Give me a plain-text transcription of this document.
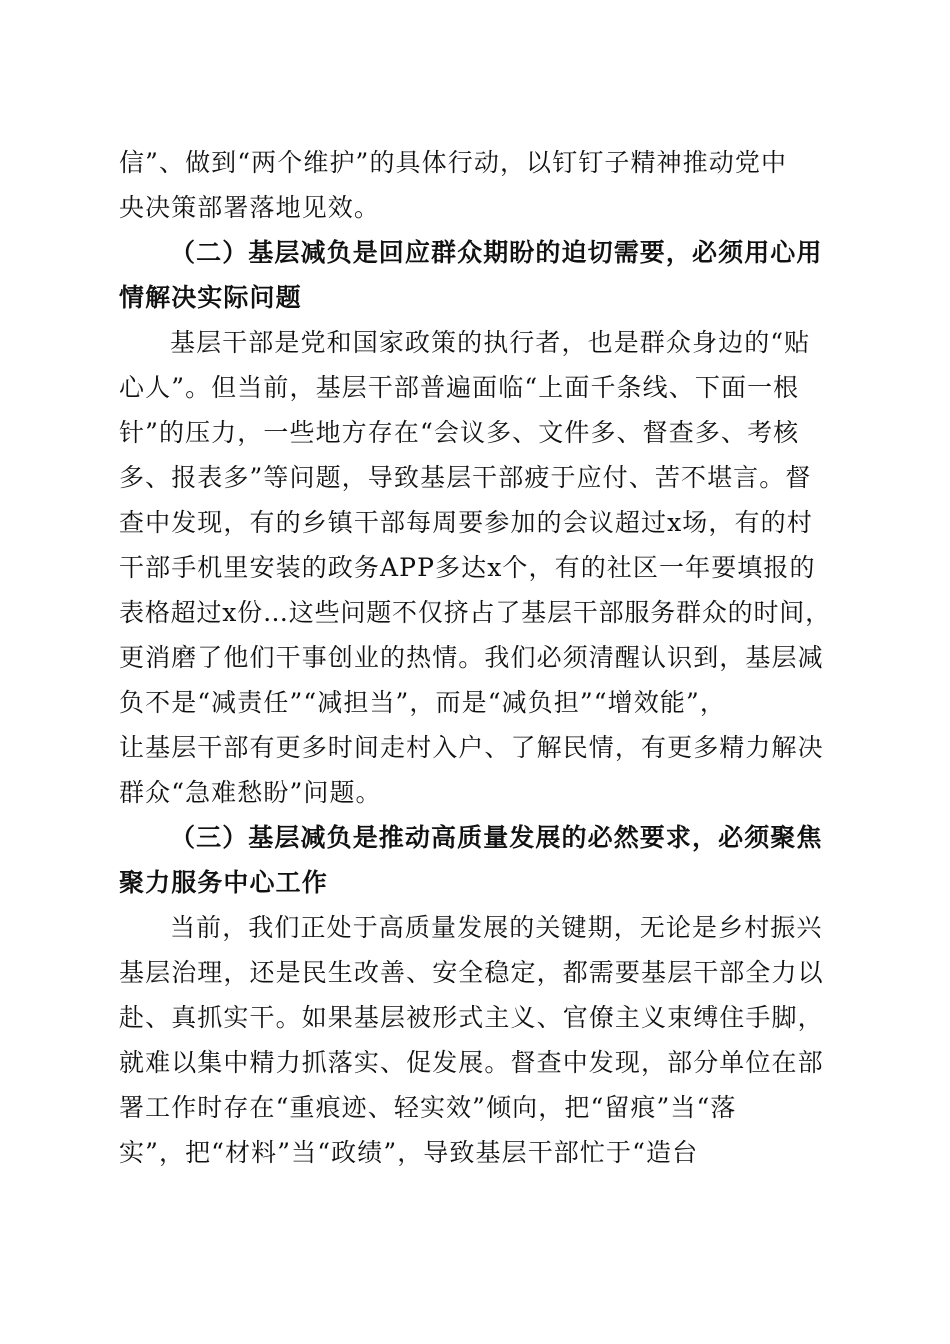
信”、做到“两个维护”的具体行动，以钉钉子精神推动党中
央决策部署落地见效。
（二）基层减负是回应群众期盼的迫切需要，必须用心用
情解决实际问题
基层干部是党和国家政策的执行者，也是群众身边的“贴
心人”。但当前，基层干部普遍面临“上面千条线、下面一根
针”的压力，一些地方存在“会议多、文件多、督查多、考核
多、报表多”等问题，导致基层干部疲于应付、苦不堪言。督
查中发现，有的乡镇干部每周要参加的会议超过x场，有的村
干部手机里安装的政务APP多达x个，有的社区一年要填报的
表格超过x份…这些问题不仅挤占了基层干部服务群众的时间，
更消磨了他们干事创业的热情。我们必须清醒认识到，基层减
负不是“减责任”“减担当”，而是“减负担”“增效能”，
让基层干部有更多时间走村入户、了解民情，有更多精力解决
群众“急难愁盼”问题。
（三）基层减负是推动高质量发展的必然要求，必须聚焦
聚力服务中心工作
当前，我们正处于高质量发展的关键期，无论是乡村振兴
基层治理，还是民生改善、安全稳定，都需要基层干部全力以
赴、真抓实干。如果基层被形式主义、官僚主义束缚住手脚，
就难以集中精力抓落实、促发展。督查中发现，部分单位在部
署工作时存在“重痕迹、轻实效”倾向，把“留痕”当“落
实”，把“材料”当“政绩”，导致基层干部忙于“造台
